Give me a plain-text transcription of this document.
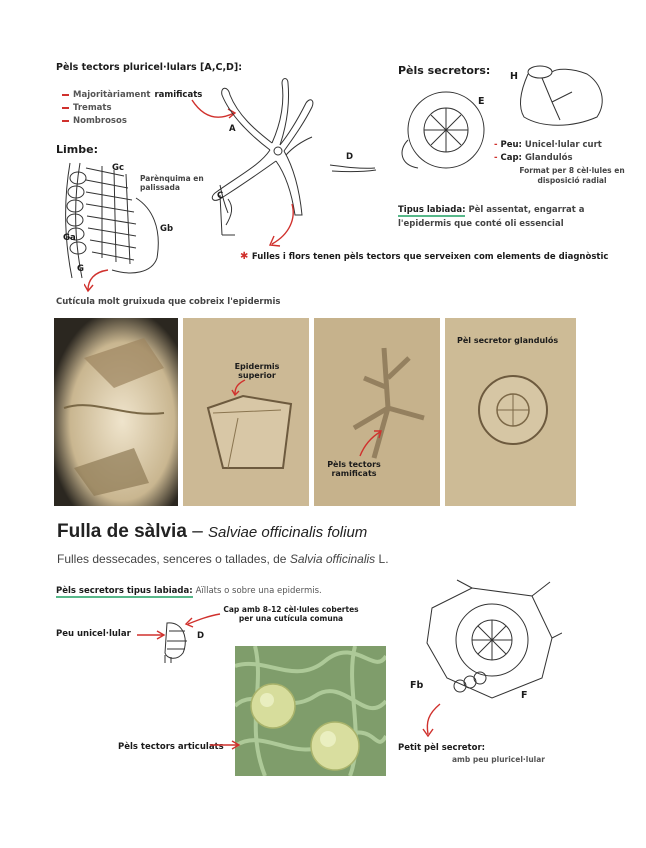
Pèls tectors pluricel·lulars [A,C,D]:
Majoritàriament ramificats
Tremats
Nombrosos
A
C
D
✱ Fulles i flors tenen pèls tectors que serveixen com elements de diagnòstic
Limbe:
Gc
Gb
Ga
G
Parènquima en palissada
Cutícula molt gruixuda que cobreix l'epidermis
Pèls secretors:
E
H
- Peu: Unicel·lular curt
- Cap: Glandulós
Format per 8 cèl·lules en disposició radial
Tipus labiada: Pèl assentat, engarrat a l'epidermis que conté oli essencial
Epidermis superior
Pèls tectors ramificats
Pèl secretor glandulós
Fulla de sàlvia – Salviae officinalis folium
Fulles dessecades, senceres o tallades, de Salvia officinalis L.
Pèls secretors tipus labiada: Aïllats o sobre una epidermis.
Cap amb 8-12 cèl·lules cobertes per una cutícula comuna
D
Peu unicel·lular
Pèls tectors articulats
Fb
F
Petit pèl secretor:
amb peu pluricel·lular
